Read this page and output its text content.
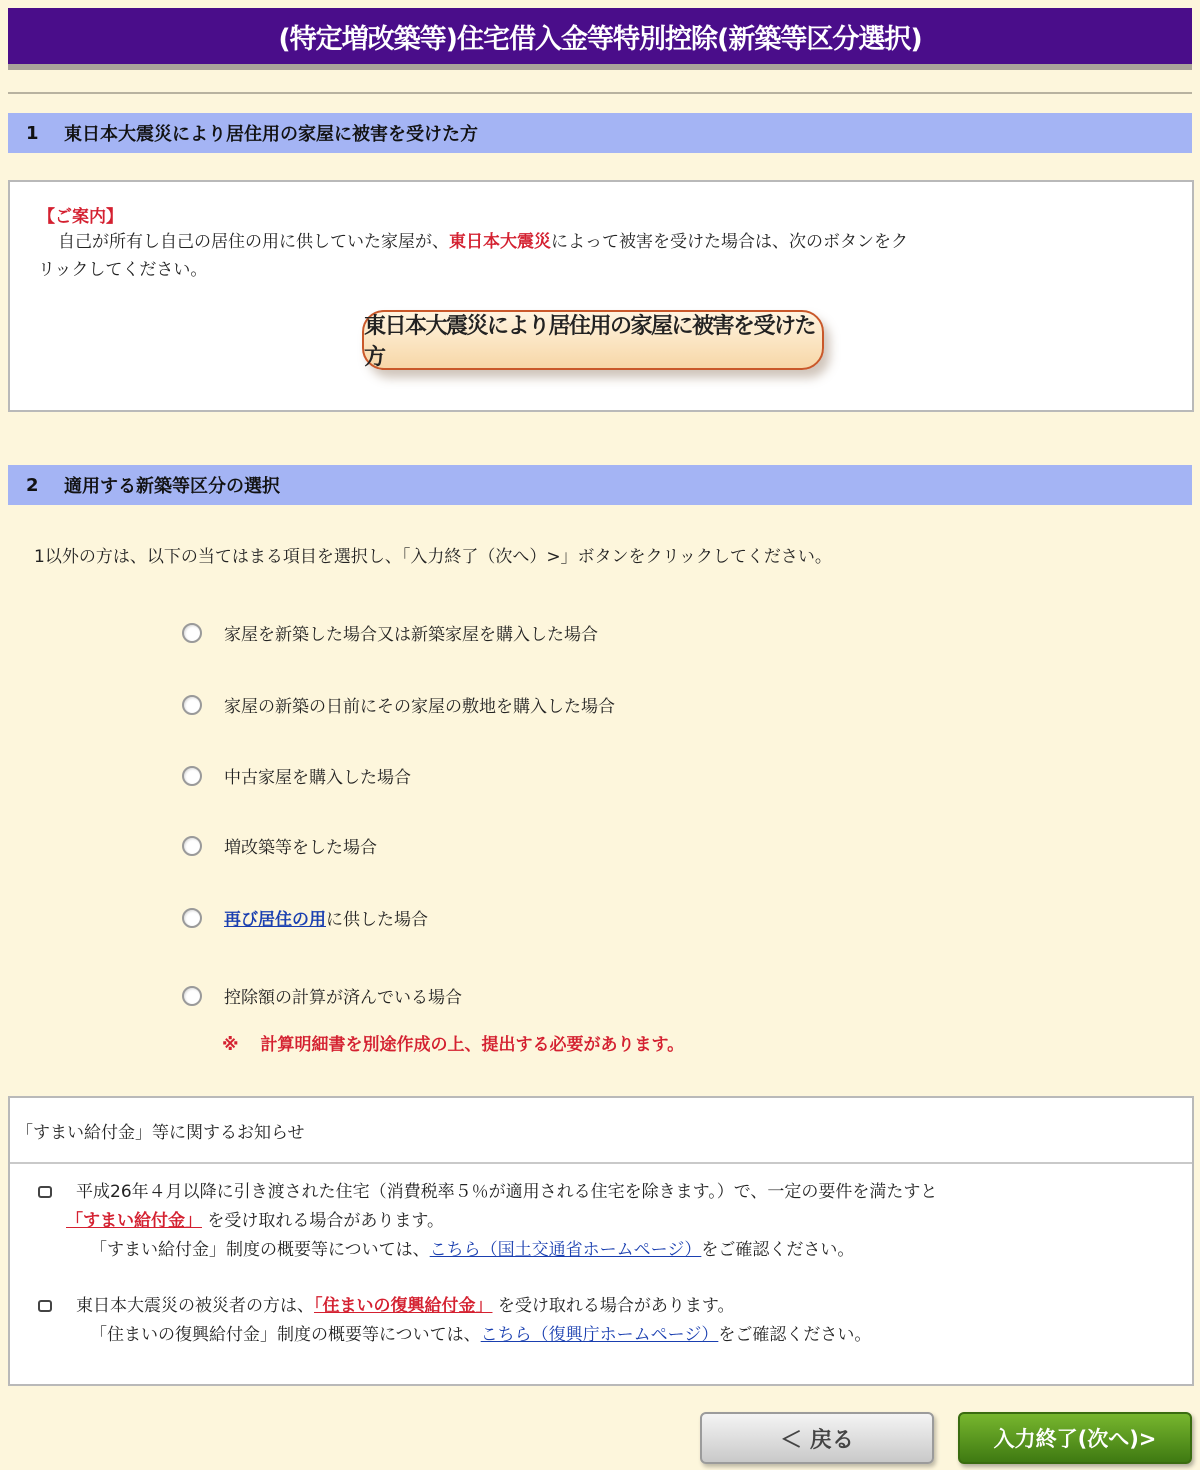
(特定増改築等)住宅借入金等特別控除(新築等区分選択)
1	東日本大震災により居住用の家屋に被害を受けた方
【ご案内】
自己が所有し自己の居住の用に供していた家屋が、東日本大震災によって被害を受けた場合は、次のボタンをク
リックしてください。
東日本大震災により居住用の家屋に被害を受けた方
2	適用する新築等区分の選択
1以外の方は、以下の当てはまる項目を選択し、「入力終了（次へ）>」ボタンをクリックしてください。
家屋を新築した場合又は新築家屋を購入した場合
家屋の新築の日前にその家屋の敷地を購入した場合
中古家屋を購入した場合
増改築等をした場合
再び居住の用 に供した場合
控除額の計算が済んでいる場合
※ 計算明細書を別途作成の上、提出する必要があります。
「すまい給付金」等に関するお知らせ
平成26年４月以降に引き渡された住宅（消費税率５％が適用される住宅を除きます。）で、一定の要件を満たすと
「すまい給付金」 を受け取れる場合があります。
「すまい給付金」制度の概要等については、こちら（国土交通省ホームページ）をご確認ください。
東日本大震災の被災者の方は、「住まいの復興給付金」 を受け取れる場合があります。
「住まいの復興給付金」制度の概要等については、こちら（復興庁ホームページ）をご確認ください。
＜ 戻る	入力終了(次へ)>
